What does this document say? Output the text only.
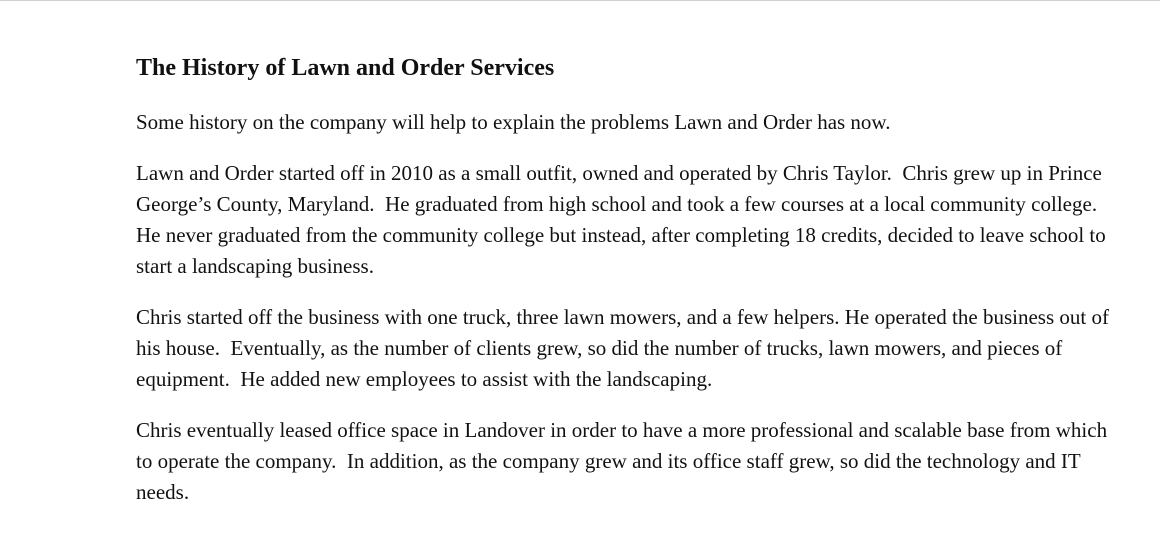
The History of Lawn and Order Services

Some history on the company will help to explain the problems Lawn and Order has now.

Lawn and Order started off in 2010 as a small outfit, owned and operated by Chris Taylor.  Chris grew up in Prince George’s County, Maryland.  He graduated from high school and took a few courses at a local community college.  He never graduated from the community college but instead, after completing 18 credits, decided to leave school to start a landscaping business.

Chris started off the business with one truck, three lawn mowers, and a few helpers. He operated the business out of his house.  Eventually, as the number of clients grew, so did the number of trucks, lawn mowers, and pieces of equipment.  He added new employees to assist with the landscaping.

Chris eventually leased office space in Landover in order to have a more professional and scalable base from which to operate the company.  In addition, as the company grew and its office staff grew, so did the technology and IT needs.
